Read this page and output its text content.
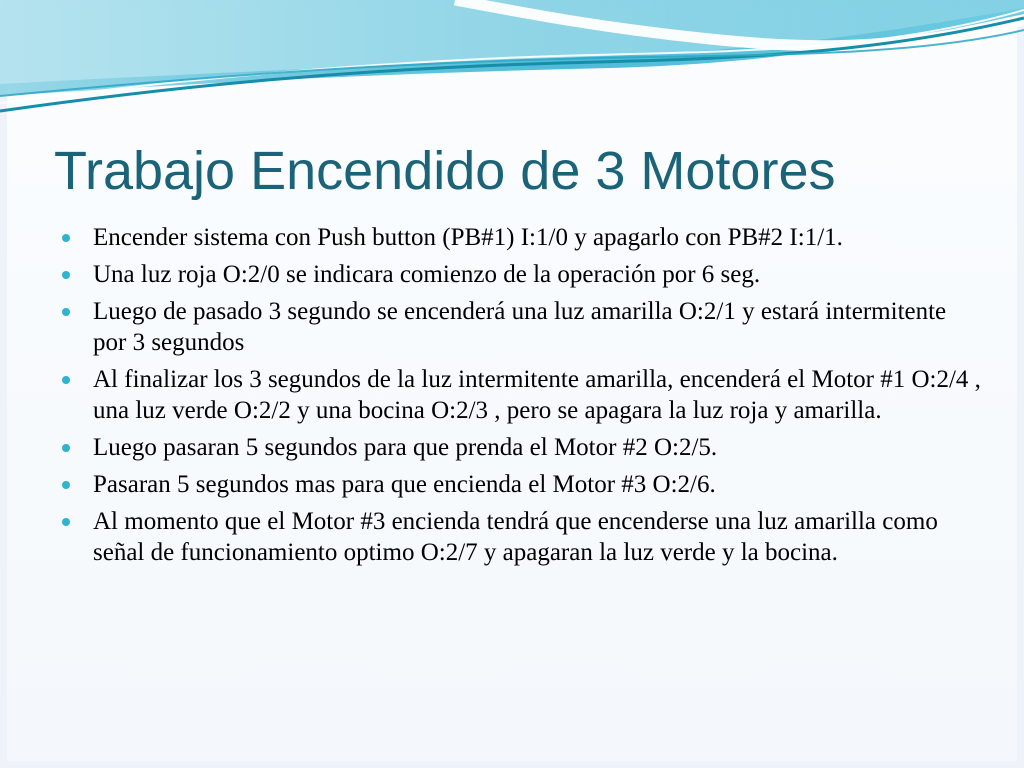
Trabajo Encendido de 3 Motores
Encender sistema con Push button (PB#1) I:1/0 y apagarlo con PB#2 I:1/1.
Una luz roja O:2/0 se indicara comienzo de la operación por 6 seg.
Luego de pasado 3 segundo se encenderá una luz amarilla O:2/1 y estará intermitente por 3 segundos
Al finalizar los 3 segundos de la luz intermitente amarilla, encenderá el Motor #1 O:2/4 , una luz verde O:2/2 y una bocina O:2/3 , pero se apagara la luz roja y amarilla.
Luego pasaran 5 segundos para que prenda el Motor #2 O:2/5.
Pasaran 5 segundos mas para que encienda el Motor #3 O:2/6.
Al momento que el Motor #3 encienda tendrá que encenderse una luz amarilla como señal de funcionamiento optimo O:2/7 y apagaran la luz verde y la bocina.
